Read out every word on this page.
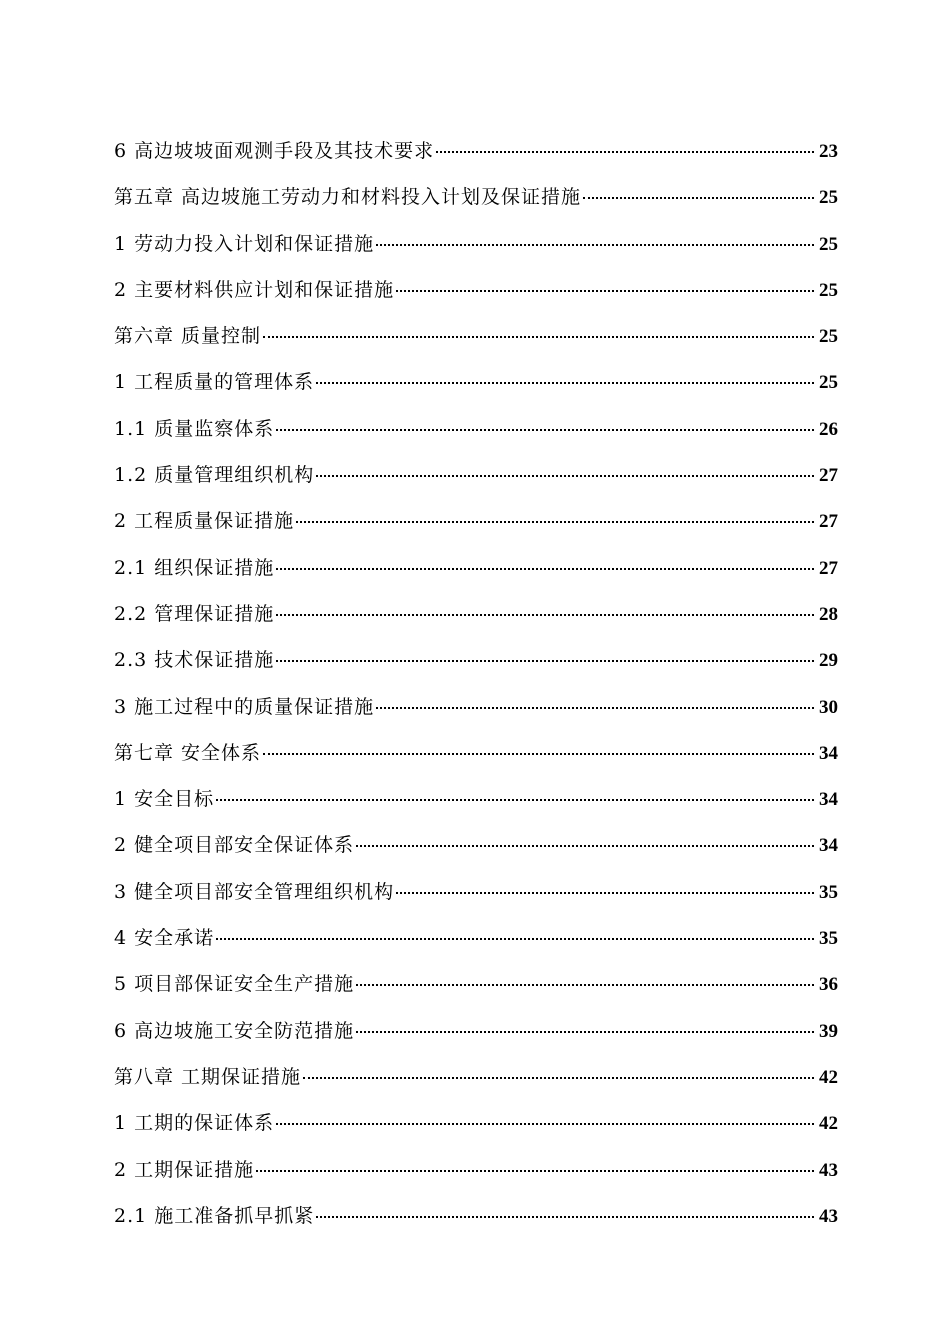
6 高边坡坡面观测手段及其技术要求	23
第五章 高边坡施工劳动力和材料投入计划及保证措施	25
1 劳动力投入计划和保证措施	25
2 主要材料供应计划和保证措施	25
第六章 质量控制	25
1 工程质量的管理体系	25
1.1 质量监察体系	26
1.2 质量管理组织机构	27
2 工程质量保证措施	27
2.1 组织保证措施	27
2.2 管理保证措施	28
2.3 技术保证措施	29
3 施工过程中的质量保证措施	30
第七章 安全体系	34
1 安全目标	34
2 健全项目部安全保证体系	34
3 健全项目部安全管理组织机构	35
4 安全承诺	35
5 项目部保证安全生产措施	36
6 高边坡施工安全防范措施	39
第八章 工期保证措施	42
1 工期的保证体系	42
2 工期保证措施	43
2.1 施工准备抓早抓紧	43
